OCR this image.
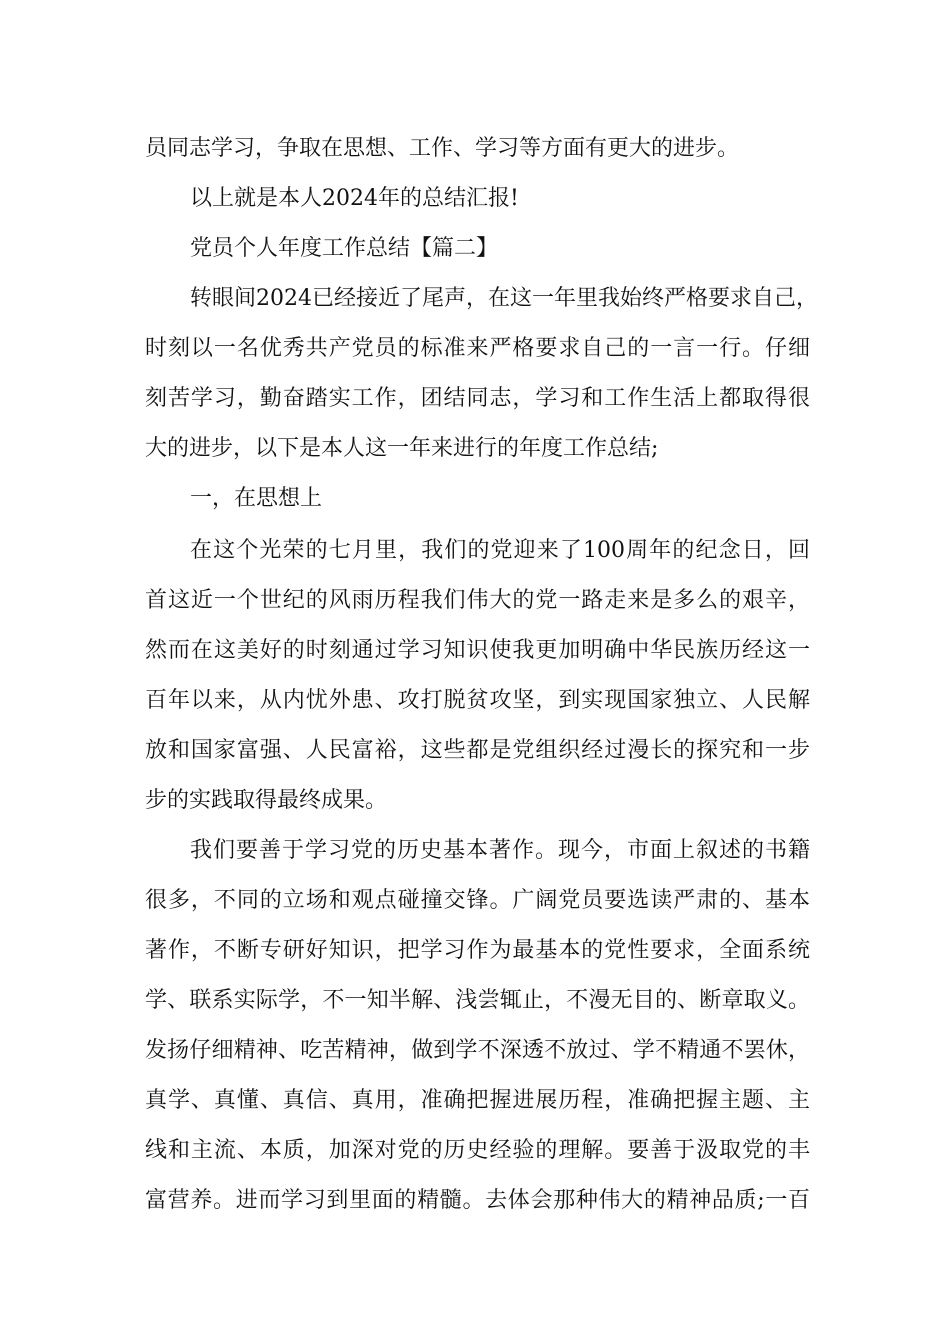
员同志学习，争取在思想、工作、学习等方面有更大的进步。
以上就是本人2024年的总结汇报!
党员个人年度工作总结【篇二】
转眼间2024已经接近了尾声，在这一年里我始终严格要求自己，
时刻以一名优秀共产党员的标准来严格要求自己的一言一行。仔细
刻苦学习，勤奋踏实工作，团结同志，学习和工作生活上都取得很
大的进步，以下是本人这一年来进行的年度工作总结;
一，在思想上
在这个光荣的七月里，我们的党迎来了100周年的纪念日，回
首这近一个世纪的风雨历程我们伟大的党一路走来是多么的艰辛，
然而在这美好的时刻通过学习知识使我更加明确中华民族历经这一
百年以来，从内忧外患、攻打脱贫攻坚，到实现国家独立、人民解
放和国家富强、人民富裕，这些都是党组织经过漫长的探究和一步
步的实践取得最终成果。
我们要善于学习党的历史基本著作。现今，市面上叙述的书籍
很多，不同的立场和观点碰撞交锋。广阔党员要选读严肃的、基本
著作，不断专研好知识，把学习作为最基本的党性要求，全面系统
学、联系实际学，不一知半解、浅尝辄止，不漫无目的、断章取义。
发扬仔细精神、吃苦精神，做到学不深透不放过、学不精通不罢休，
真学、真懂、真信、真用，准确把握进展历程，准确把握主题、主
线和主流、本质，加深对党的历史经验的理解。要善于汲取党的丰
富营养。进而学习到里面的精髓。去体会那种伟大的精神品质;一百
